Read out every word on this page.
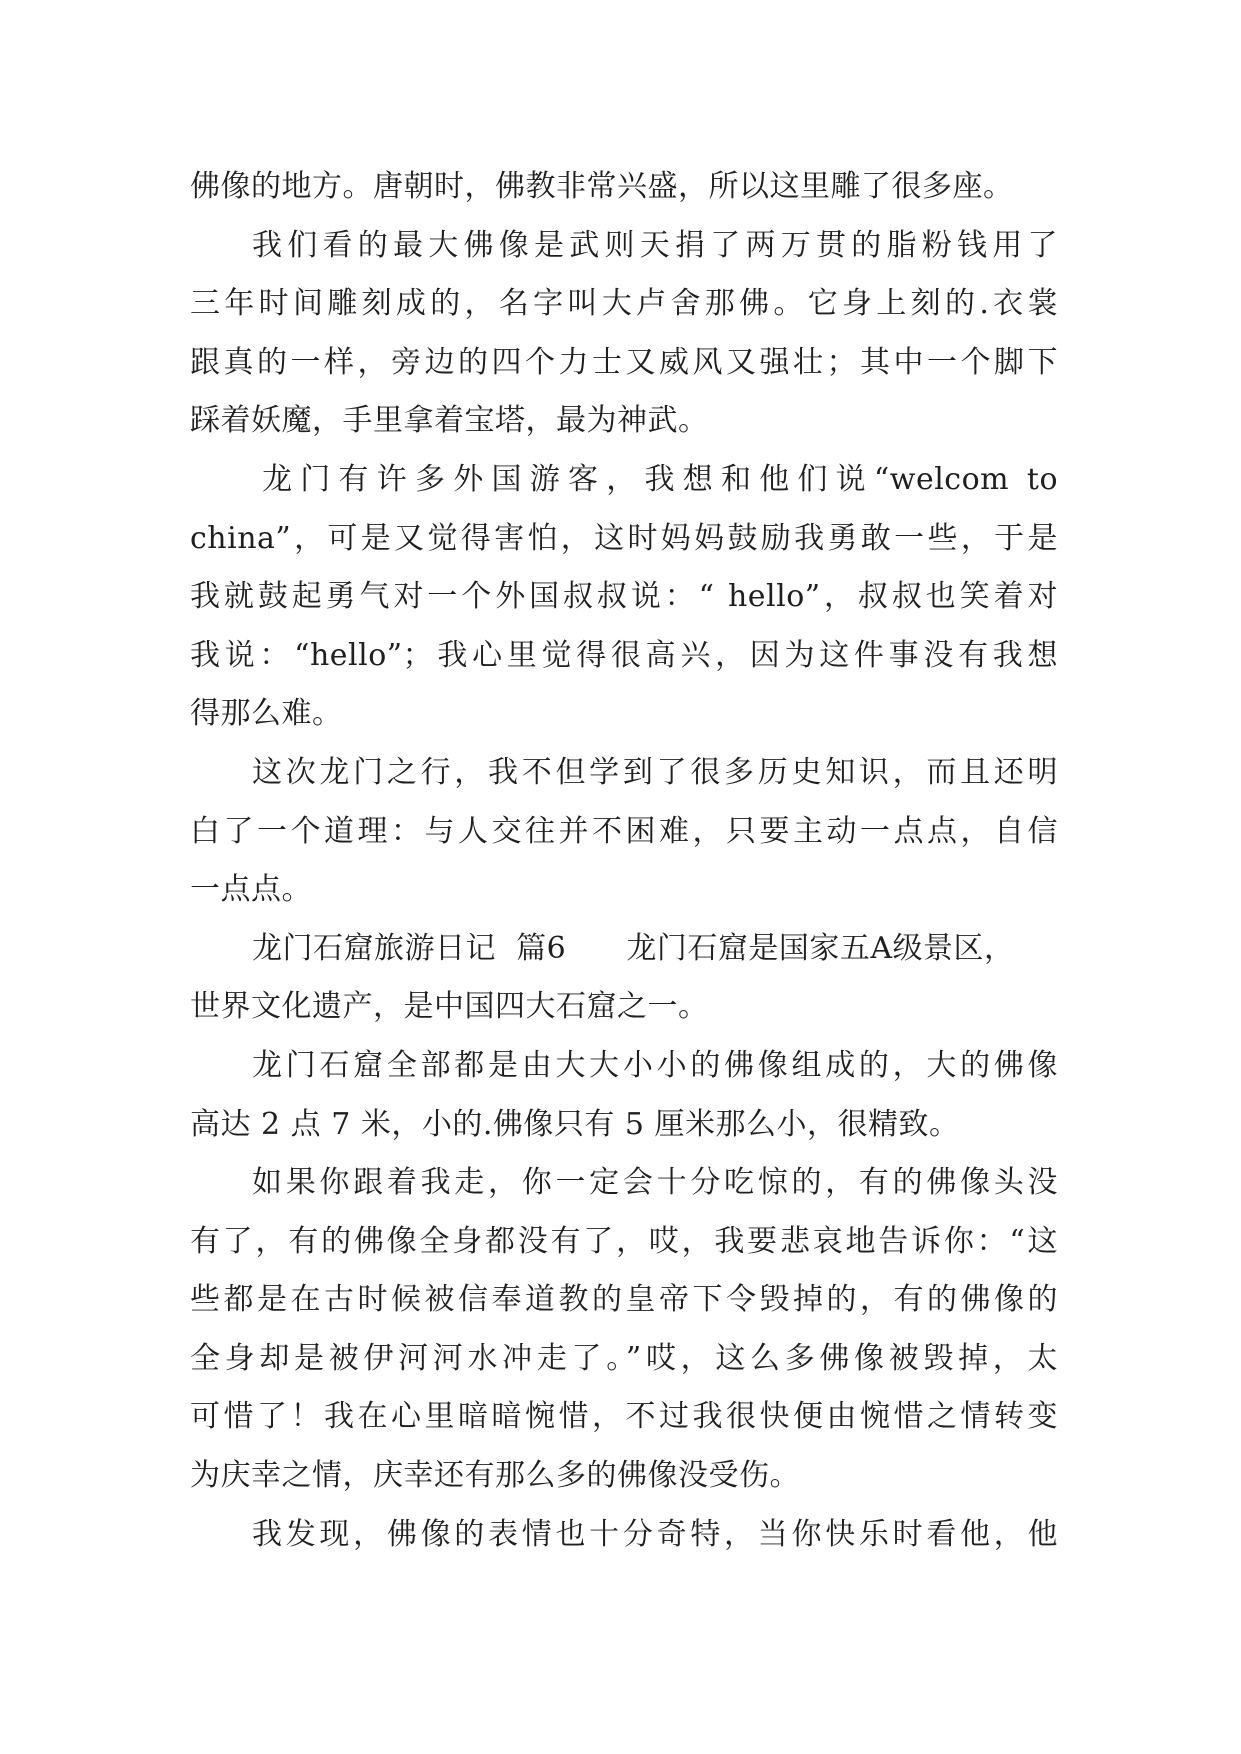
佛像的地方。唐朝时，佛教非常兴盛，所以这里雕了很多座。
我们看的最大佛像是武则天捐了两万贯的脂粉钱用了
三年时间雕刻成的，名字叫大卢舍那佛。它身上刻的.衣裳
跟真的一样，旁边的四个力士又威风又强壮；其中一个脚下
踩着妖魔，手里拿着宝塔，最为神武。
龙门有许多外国游客，我想和他们说“welcom to
china”，可是又觉得害怕，这时妈妈鼓励我勇敢一些，于是
我就鼓起勇气对一个外国叔叔说：“ hello”，叔叔也笑着对
我说：“hello”；我心里觉得很高兴，因为这件事没有我想
得那么难。
这次龙门之行，我不但学到了很多历史知识，而且还明
白了一个道理：与人交往并不困难，只要主动一点点，自信
一点点。
龙门石窟旅游日记  篇6      龙门石窟是国家五A级景区，
世界文化遗产，是中国四大石窟之一。
龙门石窟全部都是由大大小小的佛像组成的，大的佛像
高达 2 点 7 米，小的.佛像只有 5 厘米那么小，很精致。
如果你跟着我走，你一定会十分吃惊的，有的佛像头没
有了，有的佛像全身都没有了，哎，我要悲哀地告诉你：“这
些都是在古时候被信奉道教的皇帝下令毁掉的，有的佛像的
全身却是被伊河河水冲走了。”哎，这么多佛像被毁掉，太
可惜了！我在心里暗暗惋惜，不过我很快便由惋惜之情转变
为庆幸之情，庆幸还有那么多的佛像没受伤。
我发现，佛像的表情也十分奇特，当你快乐时看他，他
